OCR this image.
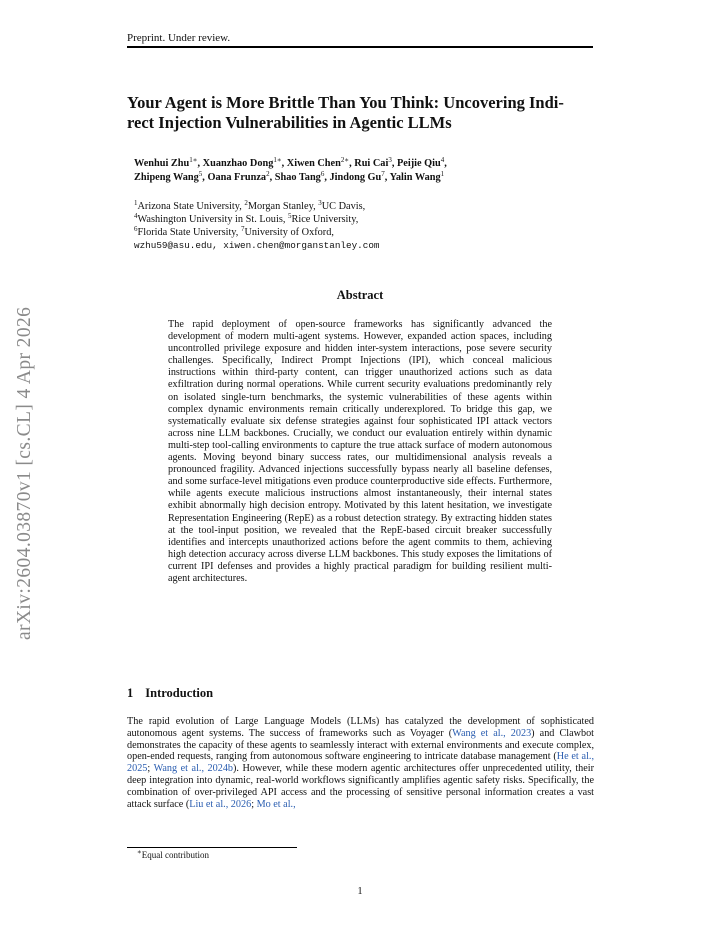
Preprint. Under review.
arXiv:2604.03870v1 [cs.CL] 4 Apr 2026
Your Agent is More Brittle Than You Think: Uncovering Indi-
rect Injection Vulnerabilities in Agentic LLMs
Wenhui Zhu$^{1∗}$, Xuanzhao Dong$^{1∗}$, Xiwen Chen$^{2∗}$, Rui Cai$^3$, Peijie Qiu$^4$,
Zhipeng Wang$^5$, Oana Frunza$^2$, Shao Tang$^6$, Jindong Gu$^7$, Yalin Wang$^1$
$^1$Arizona State University, $^2$Morgan Stanley, $^3$UC Davis,
$^4$Washington University in St. Louis, $^5$Rice University,
$^6$Florida State University, $^7$University of Oxford,
wzhu59@asu.edu, xiwen.chen@morganstanley.com
Abstract

The rapid deployment of open-source frameworks has significantly advanced the development of modern multi-agent systems. However, expanded action spaces, including uncontrolled privilege exposure and hidden inter-system interactions, pose severe security challenges. Specifically, Indirect Prompt Injections (IPI), which conceal malicious instructions within third-party content, can trigger unauthorized actions such as data exfiltration during normal operations. While current security evaluations predominantly rely on isolated single-turn benchmarks, the systemic vulnerabilities of these agents within complex dynamic environments remain critically underexplored. To bridge this gap, we systematically evaluate six defense strategies against four sophisticated IPI attack vectors across nine LLM backbones. Crucially, we conduct our evaluation entirely within dynamic multi-step tool-calling environments to capture the true attack surface of modern autonomous agents. Moving beyond binary success rates, our multidimensional analysis reveals a pronounced fragility. Advanced injections successfully bypass nearly all baseline defenses, and some surface-level mitigations even produce counterproductive side effects. Furthermore, while agents execute malicious instructions almost instantaneously, their internal states exhibit abnormally high decision entropy. Motivated by this latent hesitation, we investigate Representation Engineering (RepE) as a robust detection strategy. By extracting hidden states at the tool-input position, we revealed that the RepE-based circuit breaker successfully identifies and intercepts unauthorized actions before the agent commits to them, achieving high detection accuracy across diverse LLM backbones. This study exposes the limitations of current IPI defenses and provides a highly practical paradigm for building resilient multi-agent architectures.

1 Introduction

The rapid evolution of Large Language Models (LLMs) has catalyzed the development of sophisticated autonomous agent systems. The success of frameworks such as Voyager (Wang et al., 2023) and Clawbot demonstrates the capacity of these agents to seamlessly interact with external environments and execute complex, open-ended requests, ranging from autonomous software engineering to intricate database management (He et al., 2025; Wang et al., 2024b). However, while these modern agentic architectures offer unprecedented utility, their deep integration into dynamic, real-world workflows significantly amplifies agentic safety risks. Specifically, the combination of over-privileged API access and the processing of sensitive personal information creates a vast attack surface (Liu et al., 2026; Mo et al.,

∗Equal contribution
1
